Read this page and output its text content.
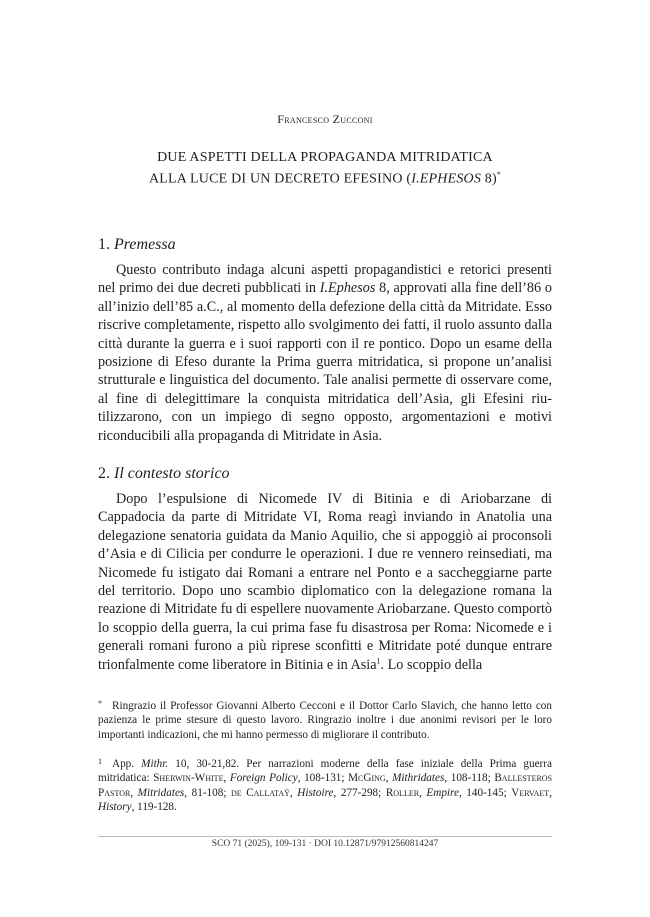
Francesco Zucconi
DUE ASPETTI DELLA PROPAGANDA MITRIDATICA
ALLA LUCE DI UN DECRETO EFESINO (I.EPHESOS 8)*
1. Premessa
Questo contributo indaga alcuni aspetti propagandistici e retorici presenti nel primo dei due decreti pubblicati in I.Ephesos 8, approvati alla fine dell’86 o all’inizio dell’85 a.C., al momento della defezione della città da Mitridate. Esso riscrive completamente, rispetto allo svolgimento dei fatti, il ruolo assunto dalla città durante la guerra e i suoi rapporti con il re pontico. Dopo un esame della posizione di Efeso durante la Prima guerra mitridatica, si propone un’analisi strutturale e linguistica del documento. Tale analisi permette di osservare come, al fine di delegittimare la conquista mitridatica dell’Asia, gli Efesini riutilizzarono, con un impiego di segno opposto, argomentazioni e motivi riconducibili alla propaganda di Mitridate in Asia.
2. Il contesto storico
Dopo l’espulsione di Nicomede IV di Bitinia e di Ariobarzane di Cappadocia da parte di Mitridate VI, Roma reagì inviando in Anatolia una delegazione senatoria guidata da Manio Aquilio, che si appoggiò ai proconsoli d’Asia e di Cilicia per condurre le operazioni. I due re vennero reinsediati, ma Nicomede fu istigato dai Romani a entrare nel Ponto e a saccheggiarne parte del territorio. Dopo uno scambio diplomatico con la delegazione romana la reazione di Mitridate fu di espellere nuovamente Ariobarzane. Questo comportò lo scoppio della guerra, la cui prima fase fu disastrosa per Roma: Nicomede e i generali romani furono a più riprese sconfitti e Mitridate poté dunque entrare trionfalmente come liberatore in Bitinia e in Asia$^1$. Lo scoppio della
* Ringrazio il Professor Giovanni Alberto Cecconi e il Dottor Carlo Slavich, che hanno letto con pazienza le prime stesure di questo lavoro. Ringrazio inoltre i due anonimi revisori per le loro importanti indicazioni, che mi hanno permesso di migliorare il contributo.
1 App. Mithr. 10, 30-21,82. Per narrazioni moderne della fase iniziale della Prima guerra mitridatica: Sherwin-White, Foreign Policy, 108-131; McGing, Mithridates, 108-118; Ballesteros Pastor, Mitridates, 81-108; de Callataÿ, Histoire, 277-298; Roller, Empire, 140-145; Vervaet, History, 119-128.
SCO 71 (2025), 109-131 · DOI 10.12871/97912560814247
